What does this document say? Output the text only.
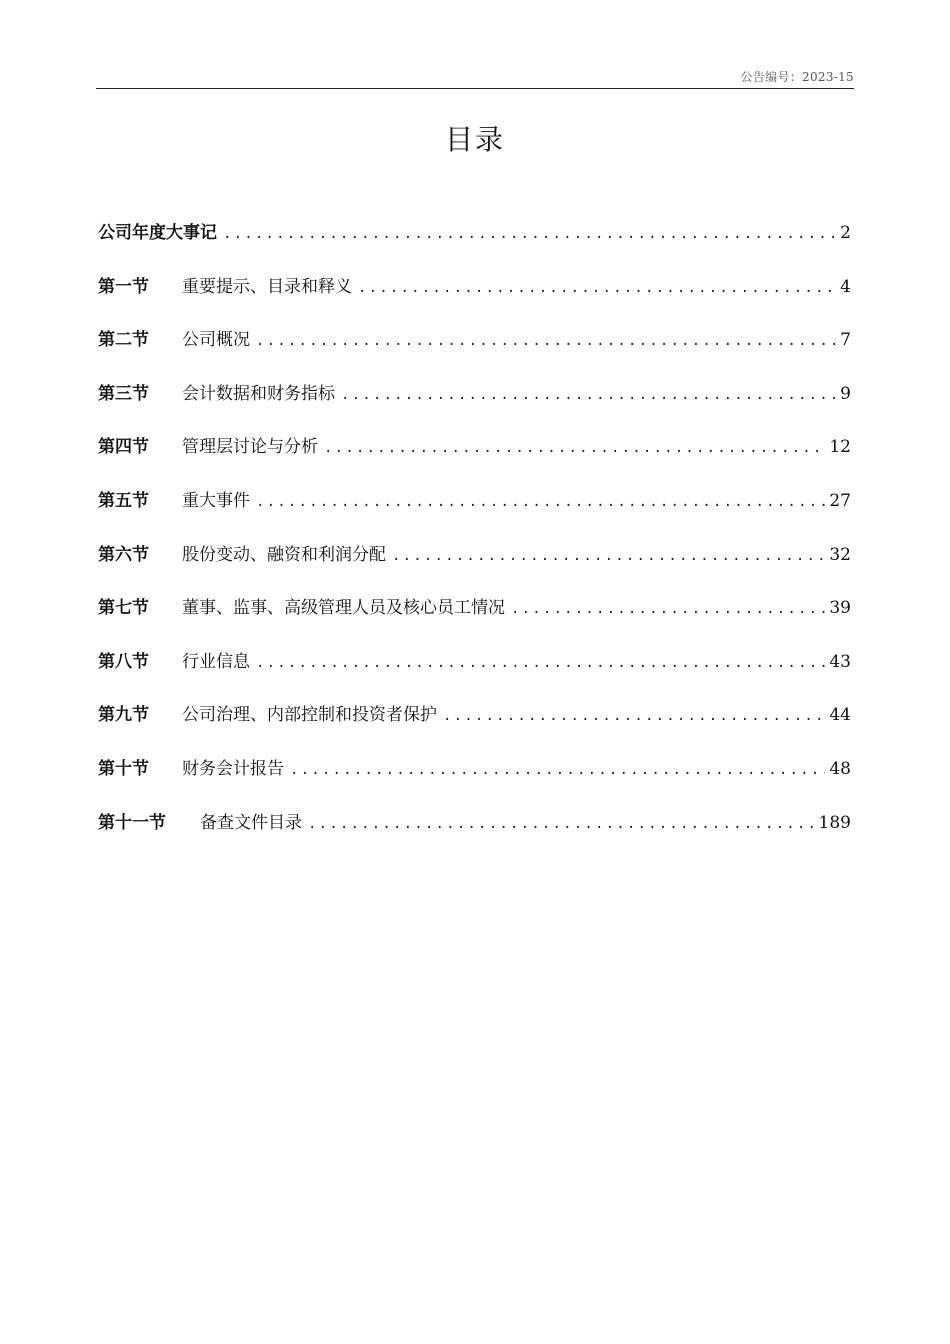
公告编号：2023-15
目录
公司年度大事记 .....	2
第一节	重要提示、目录和释义 .....	4
第二节	公司概况 .....	7
第三节	会计数据和财务指标 .....	9
第四节	管理层讨论与分析 .....	12
第五节	重大事件 .....	27
第六节	股份变动、融资和利润分配 .....	32
第七节	董事、监事、高级管理人员及核心员工情况 .....	39
第八节	行业信息 .....	43
第九节	公司治理、内部控制和投资者保护 .....	44
第十节	财务会计报告 .....	48
第十一节	备查文件目录 .....	189
